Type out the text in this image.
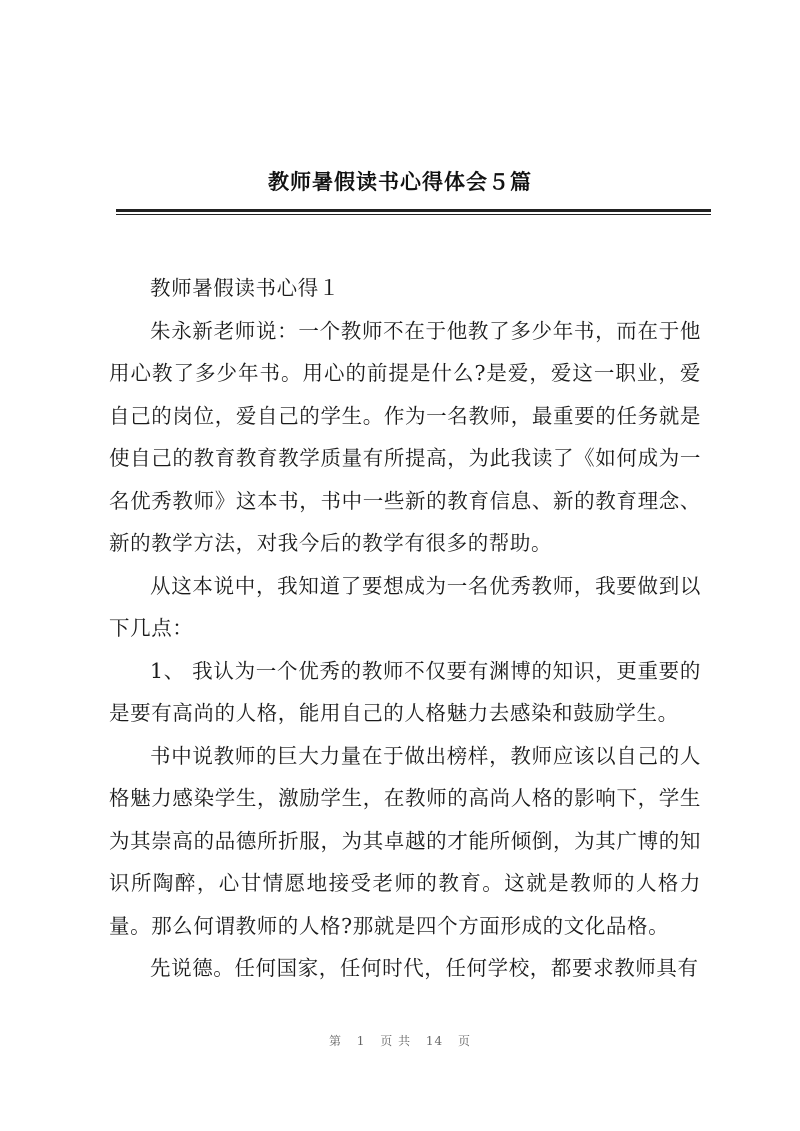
教师暑假读书心得体会５篇

教师暑假读书心得１

朱永新老师说：一个教师不在于他教了多少年书，而在于他用心教了多少年书。用心的前提是什么?是爱，爱这一职业，爱自己的岗位，爱自己的学生。作为一名教师，最重要的任务就是使自己的教育教育教学质量有所提高，为此我读了《如何成为一名优秀教师》这本书，书中一些新的教育信息、新的教育理念、新的教学方法，对我今后的教学有很多的帮助。

从这本说中，我知道了要想成为一名优秀教师，我要做到以下几点：

1、 我认为一个优秀的教师不仅要有渊博的知识，更重要的是要有高尚的人格，能用自己的人格魅力去感染和鼓励学生。

书中说教师的巨大力量在于做出榜样，教师应该以自己的人格魅力感染学生，激励学生，在教师的高尚人格的影响下，学生为其崇高的品德所折服，为其卓越的才能所倾倒，为其广博的知识所陶醉，心甘情愿地接受老师的教育。这就是教师的人格力量。那么何谓教师的人格?那就是四个方面形成的文化品格。

先说德。任何国家，任何时代，任何学校，都要求教师具有

第 1 页 共 14 页
